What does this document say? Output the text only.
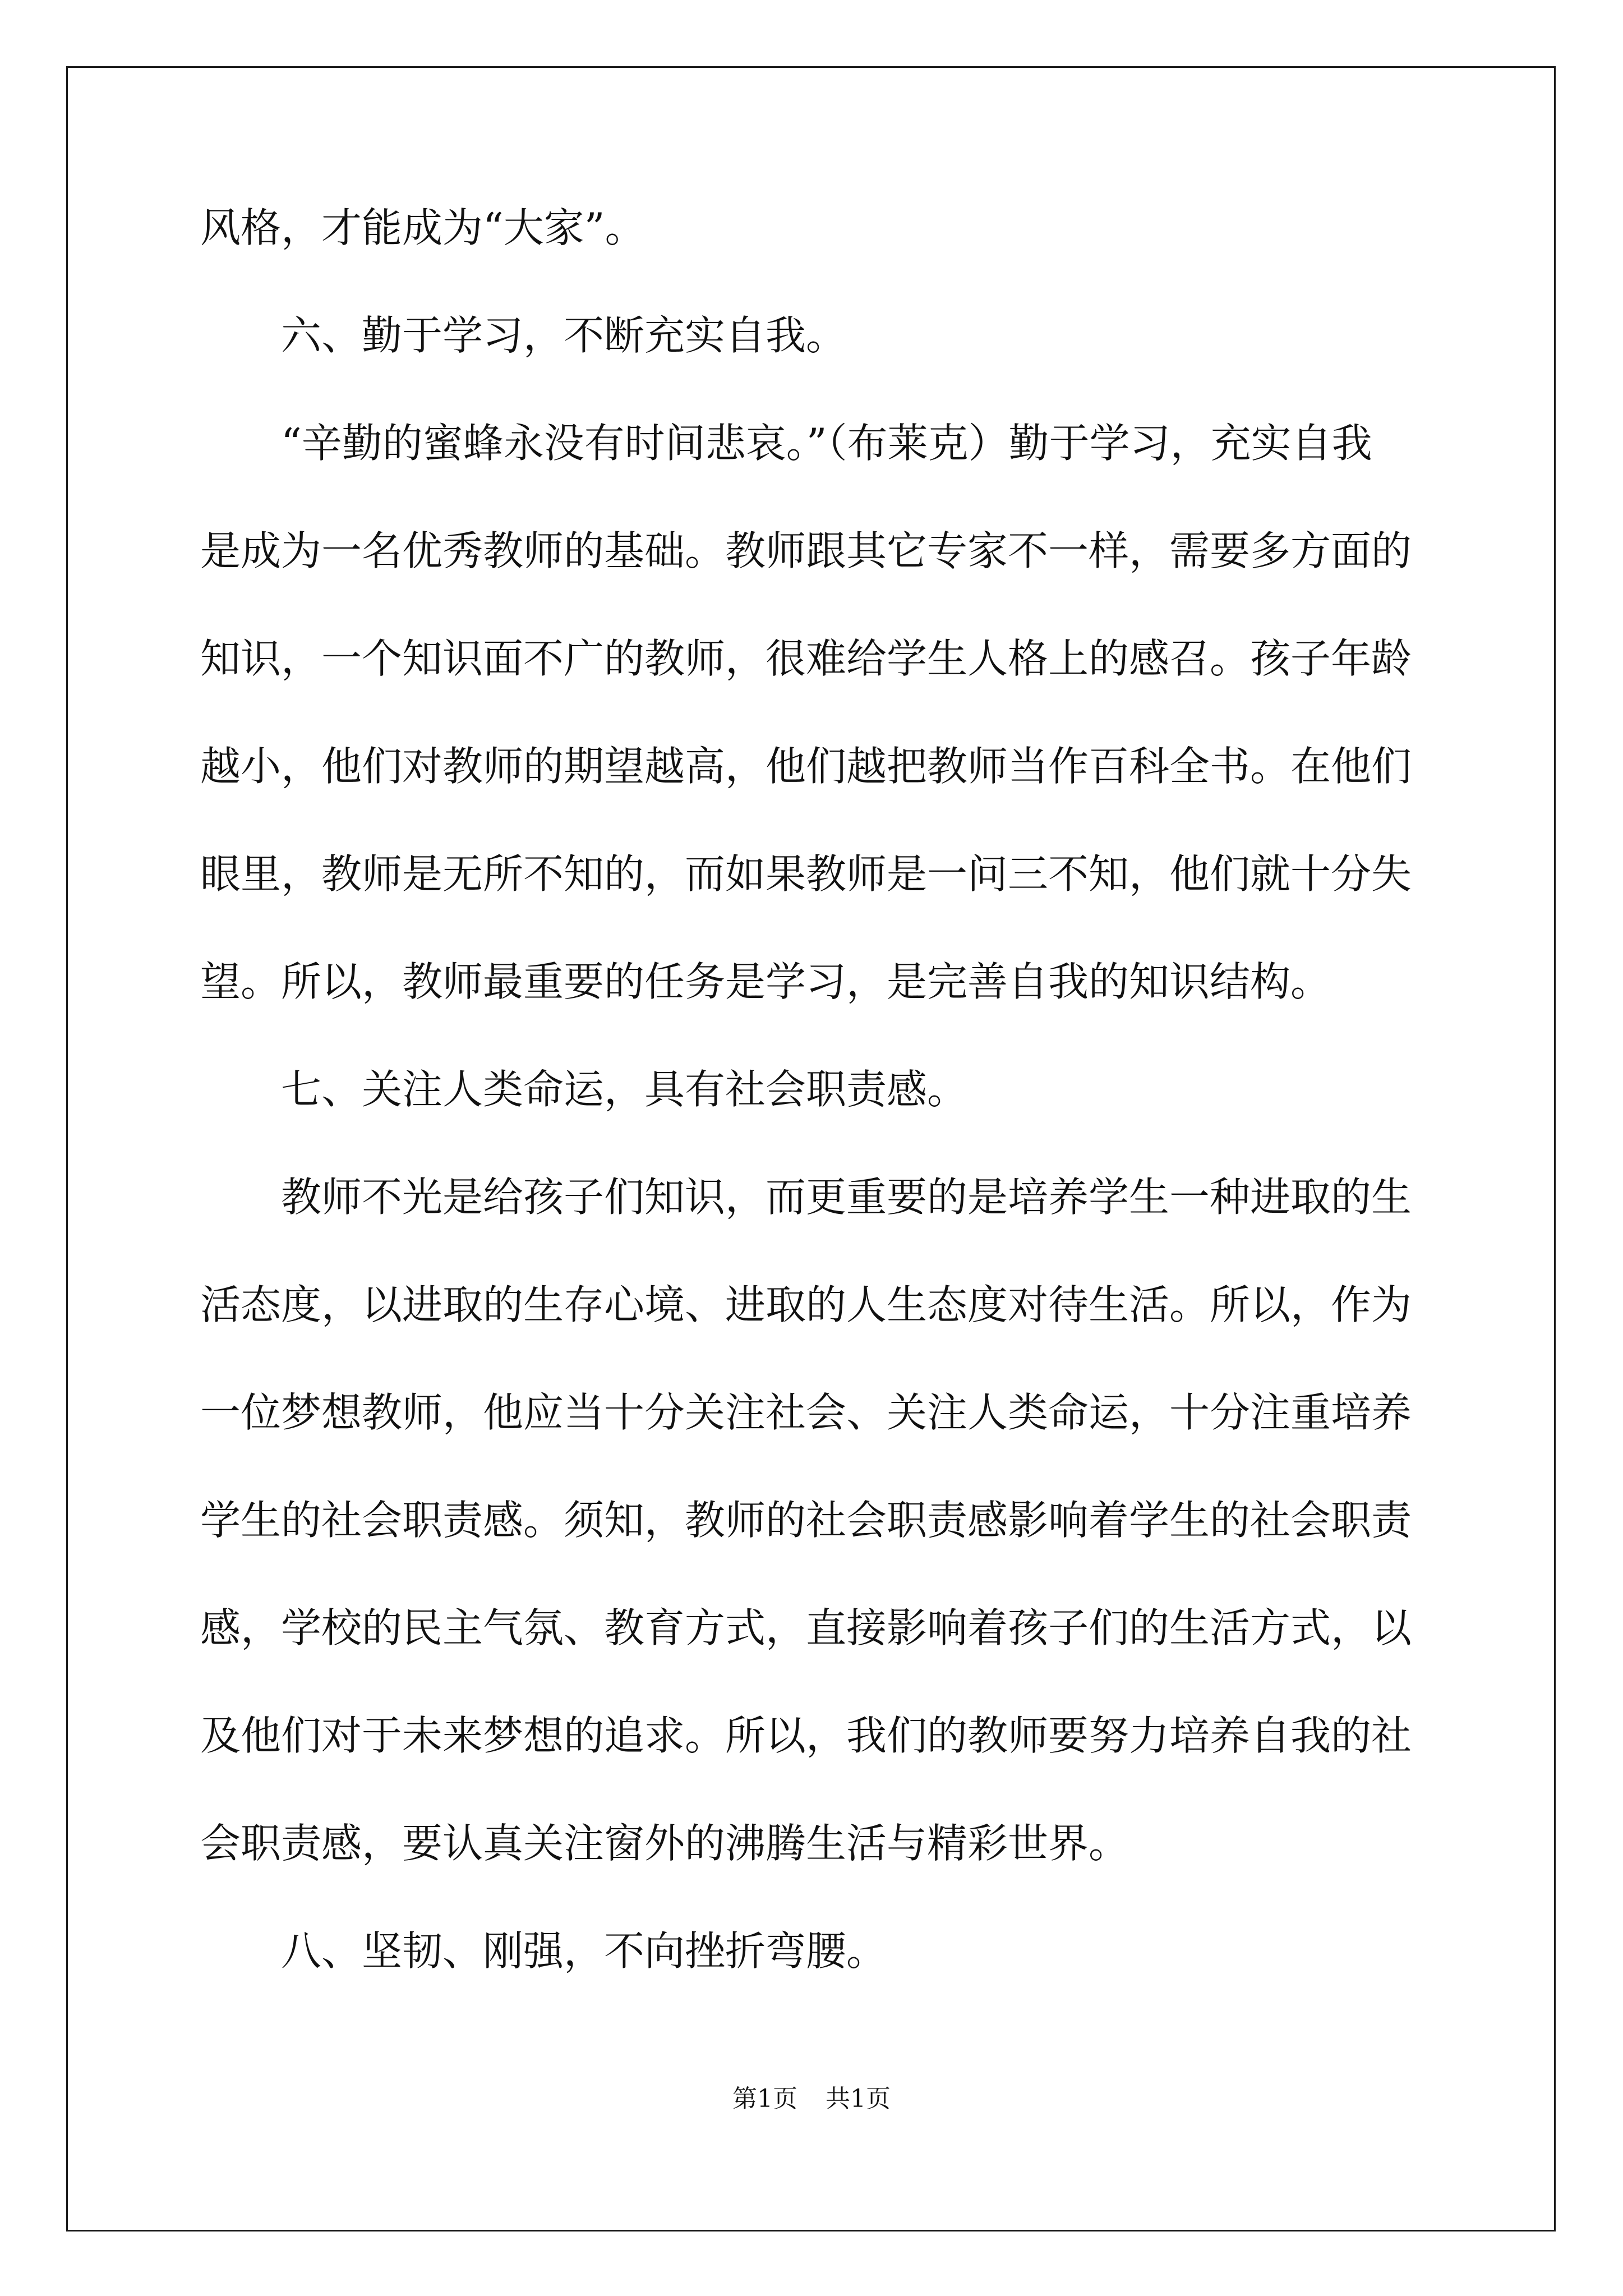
风格，才能成为“大家”。
六、勤于学习，不断充实自我。
“辛勤的蜜蜂永没有时间悲哀。”（布莱克）勤于学习，充实自我
是成为一名优秀教师的基础。教师跟其它专家不一样，需要多方面的
知识，一个知识面不广的教师，很难给学生人格上的感召。孩子年龄
越小，他们对教师的期望越高，他们越把教师当作百科全书。在他们
眼里，教师是无所不知的，而如果教师是一问三不知，他们就十分失
望。所以，教师最重要的任务是学习，是完善自我的知识结构。
七、关注人类命运，具有社会职责感。
教师不光是给孩子们知识，而更重要的是培养学生一种进取的生
活态度，以进取的生存心境、进取的人生态度对待生活。所以，作为
一位梦想教师，他应当十分关注社会、关注人类命运，十分注重培养
学生的社会职责感。须知，教师的社会职责感影响着学生的社会职责
感，学校的民主气氛、教育方式，直接影响着孩子们的生活方式，以
及他们对于未来梦想的追求。所以，我们的教师要努力培养自我的社
会职责感，要认真关注窗外的沸腾生活与精彩世界。
八、坚韧、刚强，不向挫折弯腰。
第1页 共1页
